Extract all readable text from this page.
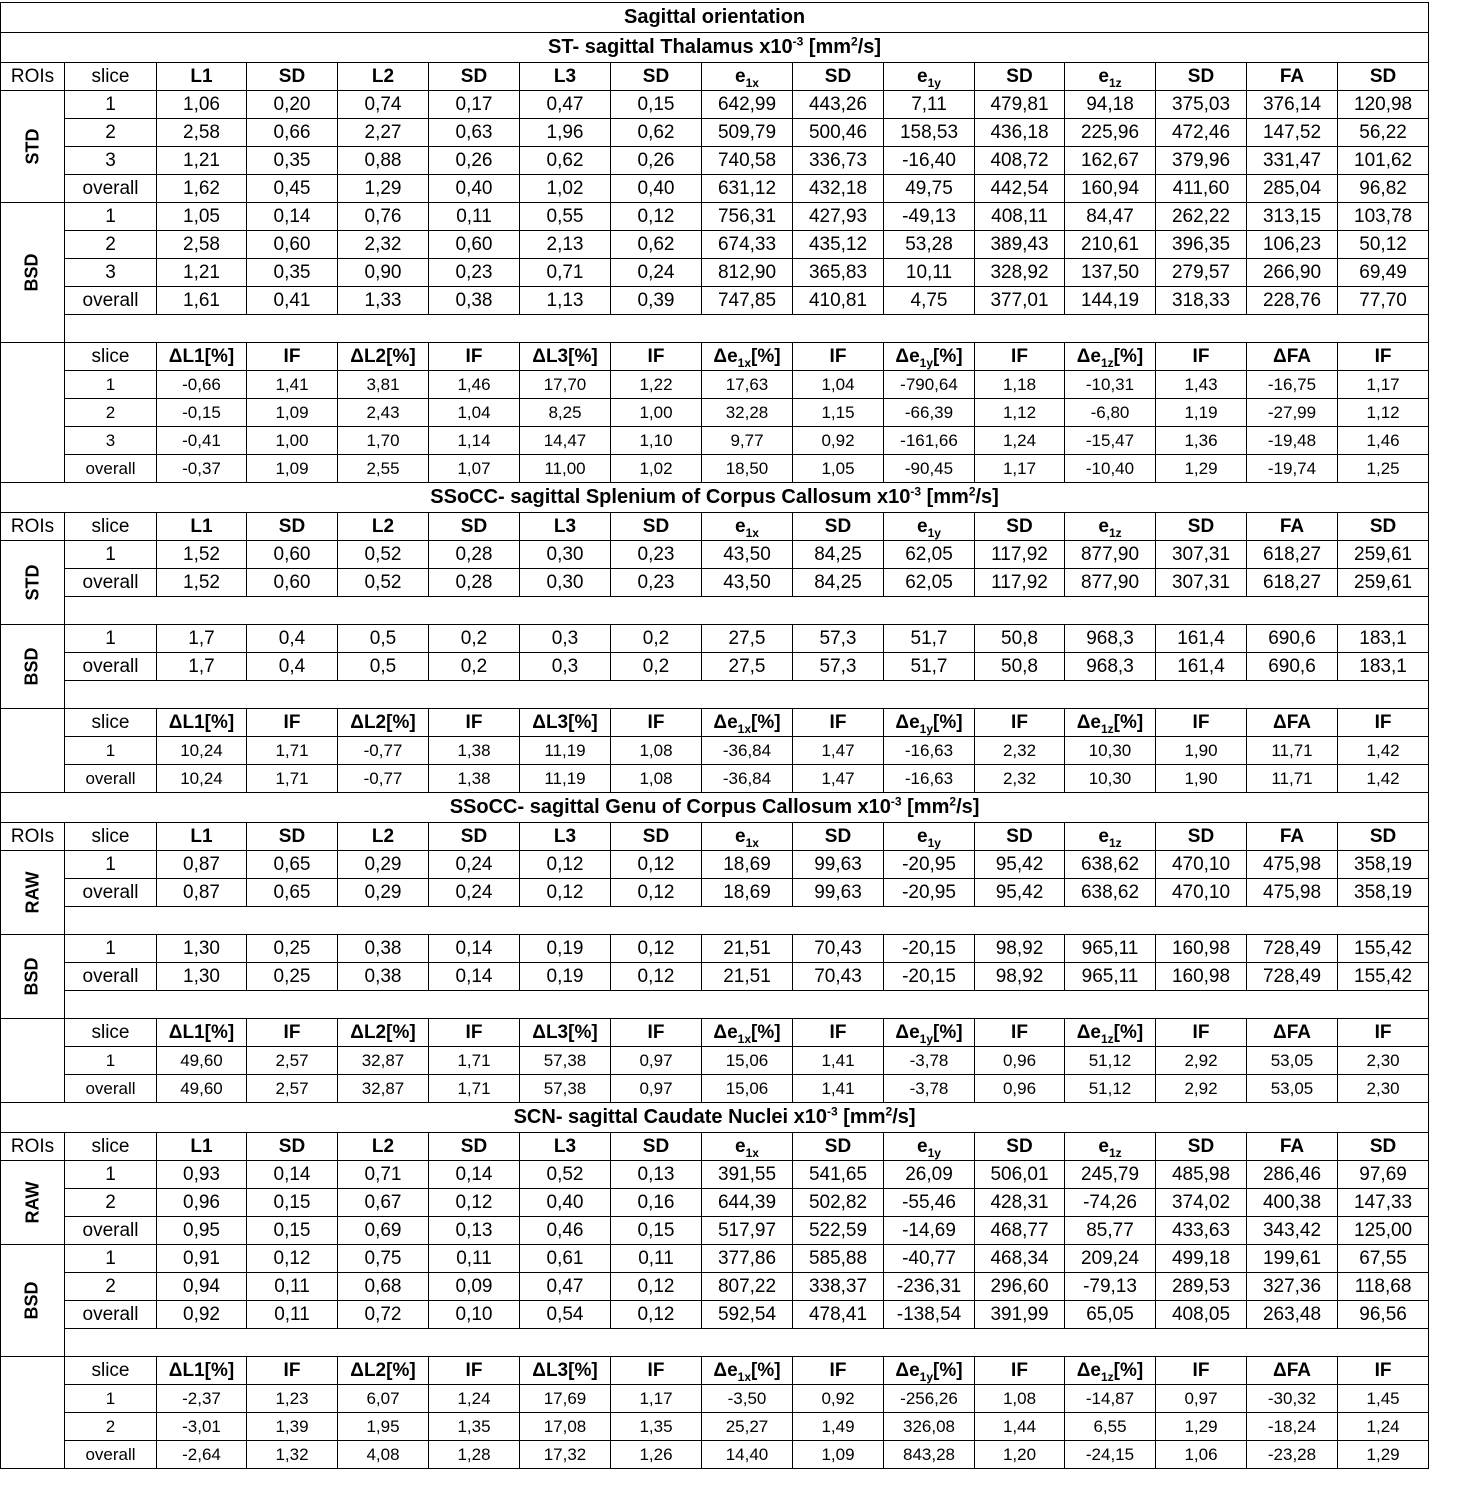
Sagittal orientation															
ST- sagittal Thalamus $x10^{-3}$ $[mm^2/s]$															
ROIs	slice	L1	SD	L2	SD	L3	SD	$e_{1x}$	SD	$e_{1y}$	SD	$e_{1z}$	SD	FA	SD
STD	1	1,06	0,20	0,74	0,17	0,47	0,15	642,99	443,26	7,11	479,81	94,18	375,03	376,14	120,98
	2	2,58	0,66	2,27	0,63	1,96	0,62	509,79	500,46	158,53	436,18	225,96	472,46	147,52	56,22
	3	1,21	0,35	0,88	0,26	0,62	0,26	740,58	336,73	-16,40	408,72	162,67	379,96	331,47	101,62
	overall	1,62	0,45	1,29	0,40	1,02	0,40	631,12	432,18	49,75	442,54	160,94	411,60	285,04	96,82
BSD	1	1,05	0,14	0,76	0,11	0,55	0,12	756,31	427,93	-49,13	408,11	84,47	262,22	313,15	103,78
	2	2,58	0,60	2,32	0,60	2,13	0,62	674,33	435,12	53,28	389,43	210,61	396,35	106,23	50,12
	3	1,21	0,35	0,90	0,23	0,71	0,24	812,90	365,83	10,11	328,92	137,50	279,57	266,90	69,49
	overall	1,61	0,41	1,33	0,38	1,13	0,39	747,85	410,81	4,75	377,01	144,19	318,33	228,76	77,70

	slice	ΔL1[%]	IF	ΔL2[%]	IF	ΔL3[%]	IF	$\Delta e_{1x}[\%]$	IF	$\Delta e_{1y}[\%]$	IF	$\Delta e_{1z}[\%]$	IF	ΔFA	IF
	1	-0,66	1,41	3,81	1,46	17,70	1,22	17,63	1,04	-790,64	1,18	-10,31	1,43	-16,75	1,17
	2	-0,15	1,09	2,43	1,04	8,25	1,00	32,28	1,15	-66,39	1,12	-6,80	1,19	-27,99	1,12
	3	-0,41	1,00	1,70	1,14	14,47	1,10	9,77	0,92	-161,66	1,24	-15,47	1,36	-19,48	1,46
	overall	-0,37	1,09	2,55	1,07	11,00	1,02	18,50	1,05	-90,45	1,17	-10,40	1,29	-19,74	1,25
SSoCC- sagittal Splenium of Corpus Callosum $x10^{-3}$ $[mm^2/s]$															
ROIs	slice	L1	SD	L2	SD	L3	SD	$e_{1x}$	SD	$e_{1y}$	SD	$e_{1z}$	SD	FA	SD
STD	1	1,52	0,60	0,52	0,28	0,30	0,23	43,50	84,25	62,05	117,92	877,90	307,31	618,27	259,61
	overall	1,52	0,60	0,52	0,28	0,30	0,23	43,50	84,25	62,05	117,92	877,90	307,31	618,27	259,61

BSD	1	1,7	0,4	0,5	0,2	0,3	0,2	27,5	57,3	51,7	50,8	968,3	161,4	690,6	183,1
	overall	1,7	0,4	0,5	0,2	0,3	0,2	27,5	57,3	51,7	50,8	968,3	161,4	690,6	183,1

	slice	ΔL1[%]	IF	ΔL2[%]	IF	ΔL3[%]	IF	$\Delta e_{1x}[\%]$	IF	$\Delta e_{1y}[\%]$	IF	$\Delta e_{1z}[\%]$	IF	ΔFA	IF
	1	10,24	1,71	-0,77	1,38	11,19	1,08	-36,84	1,47	-16,63	2,32	10,30	1,90	11,71	1,42
	overall	10,24	1,71	-0,77	1,38	11,19	1,08	-36,84	1,47	-16,63	2,32	10,30	1,90	11,71	1,42
SSoCC- sagittal Genu of Corpus Callosum $x10^{-3}$ $[mm^2/s]$															
ROIs	slice	L1	SD	L2	SD	L3	SD	$e_{1x}$	SD	$e_{1y}$	SD	$e_{1z}$	SD	FA	SD
RAW	1	0,87	0,65	0,29	0,24	0,12	0,12	18,69	99,63	-20,95	95,42	638,62	470,10	475,98	358,19
	overall	0,87	0,65	0,29	0,24	0,12	0,12	18,69	99,63	-20,95	95,42	638,62	470,10	475,98	358,19

BSD	1	1,30	0,25	0,38	0,14	0,19	0,12	21,51	70,43	-20,15	98,92	965,11	160,98	728,49	155,42
	overall	1,30	0,25	0,38	0,14	0,19	0,12	21,51	70,43	-20,15	98,92	965,11	160,98	728,49	155,42

	slice	ΔL1[%]	IF	ΔL2[%]	IF	ΔL3[%]	IF	$\Delta e_{1x}[\%]$	IF	$\Delta e_{1y}[\%]$	IF	$\Delta e_{1z}[\%]$	IF	ΔFA	IF
	1	49,60	2,57	32,87	1,71	57,38	0,97	15,06	1,41	-3,78	0,96	51,12	2,92	53,05	2,30
	overall	49,60	2,57	32,87	1,71	57,38	0,97	15,06	1,41	-3,78	0,96	51,12	2,92	53,05	2,30
SCN- sagittal Caudate Nuclei $x10^{-3}$ $[mm^2/s]$															
ROIs	slice	L1	SD	L2	SD	L3	SD	$e_{1x}$	SD	$e_{1y}$	SD	$e_{1z}$	SD	FA	SD
RAW	1	0,93	0,14	0,71	0,14	0,52	0,13	391,55	541,65	26,09	506,01	245,79	485,98	286,46	97,69
	2	0,96	0,15	0,67	0,12	0,40	0,16	644,39	502,82	-55,46	428,31	-74,26	374,02	400,38	147,33
	overall	0,95	0,15	0,69	0,13	0,46	0,15	517,97	522,59	-14,69	468,77	85,77	433,63	343,42	125,00
BSD	1	0,91	0,12	0,75	0,11	0,61	0,11	377,86	585,88	-40,77	468,34	209,24	499,18	199,61	67,55
	2	0,94	0,11	0,68	0,09	0,47	0,12	807,22	338,37	-236,31	296,60	-79,13	289,53	327,36	118,68
	overall	0,92	0,11	0,72	0,10	0,54	0,12	592,54	478,41	-138,54	391,99	65,05	408,05	263,48	96,56

	slice	ΔL1[%]	IF	ΔL2[%]	IF	ΔL3[%]	IF	$\Delta e_{1x}[\%]$	IF	$\Delta e_{1y}[\%]$	IF	$\Delta e_{1z}[\%]$	IF	ΔFA	IF
	1	-2,37	1,23	6,07	1,24	17,69	1,17	-3,50	0,92	-256,26	1,08	-14,87	0,97	-30,32	1,45
	2	-3,01	1,39	1,95	1,35	17,08	1,35	25,27	1,49	326,08	1,44	6,55	1,29	-18,24	1,24
	overall	-2,64	1,32	4,08	1,28	17,32	1,26	14,40	1,09	843,28	1,20	-24,15	1,06	-23,28	1,29
